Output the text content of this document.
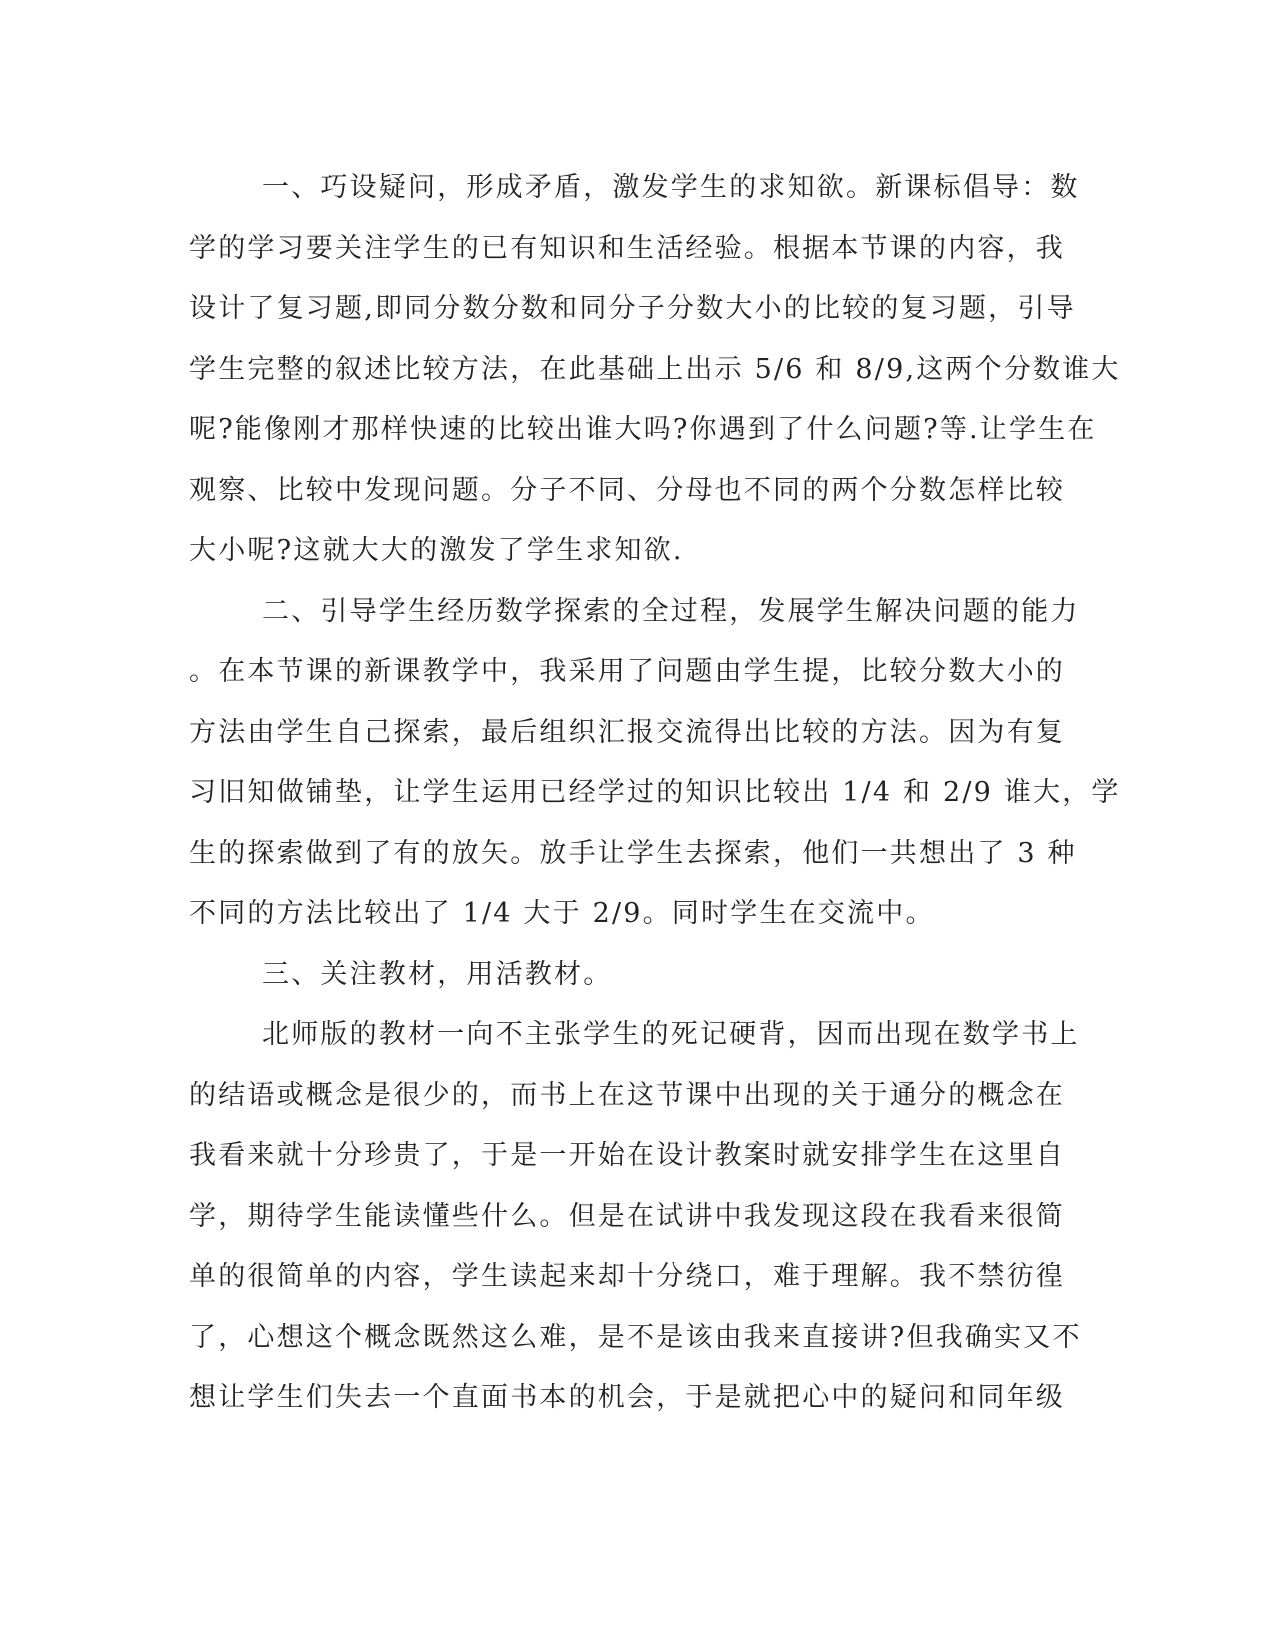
一、巧设疑问，形成矛盾，激发学生的求知欲。新课标倡导：数
学的学习要关注学生的已有知识和生活经验。根据本节课的内容，我
设计了复习题,即同分数分数和同分子分数大小的比较的复习题，引导
学生完整的叙述比较方法，在此基础上出示 5/6 和 8/9,这两个分数谁大
呢?能像刚才那样快速的比较出谁大吗?你遇到了什么问题?等.让学生在
观察、比较中发现问题。分子不同、分母也不同的两个分数怎样比较
大小呢?这就大大的激发了学生求知欲.
二、引导学生经历数学探索的全过程，发展学生解决问题的能力
。在本节课的新课教学中，我采用了问题由学生提，比较分数大小的
方法由学生自己探索，最后组织汇报交流得出比较的方法。因为有复
习旧知做铺垫，让学生运用已经学过的知识比较出 1/4 和 2/9 谁大，学
生的探索做到了有的放矢。放手让学生去探索，他们一共想出了 3 种
不同的方法比较出了 1/4 大于 2/9。同时学生在交流中。
三、关注教材，用活教材。
北师版的教材一向不主张学生的死记硬背，因而出现在数学书上
的结语或概念是很少的，而书上在这节课中出现的关于通分的概念在
我看来就十分珍贵了，于是一开始在设计教案时就安排学生在这里自
学，期待学生能读懂些什么。但是在试讲中我发现这段在我看来很简
单的很简单的内容，学生读起来却十分绕口，难于理解。我不禁彷徨
了，心想这个概念既然这么难，是不是该由我来直接讲?但我确实又不
想让学生们失去一个直面书本的机会，于是就把心中的疑问和同年级
